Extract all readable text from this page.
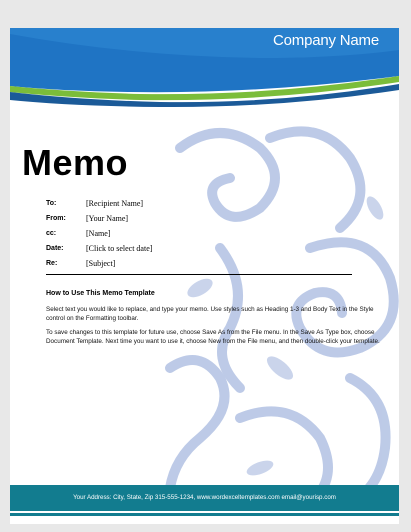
Company Name
Memo
To:	[Recipient Name]
From:	[Your Name]
cc:	[Name]
Date:	[Click to select date]
Re:	[Subject]
How to Use This Memo Template
Select text you would like to replace, and type your memo. Use styles such as Heading 1-3 and Body Text in the Style control on the Formatting toolbar.
To save changes to this template for future use, choose Save As from the File menu. In the Save As Type box, choose Document Template. Next time you want to use it, choose New from the File menu, and then double-click your template.
Your Address: City, State, Zip 315-555-1234, www.wordexceltemplates.com email@yourisp.com
